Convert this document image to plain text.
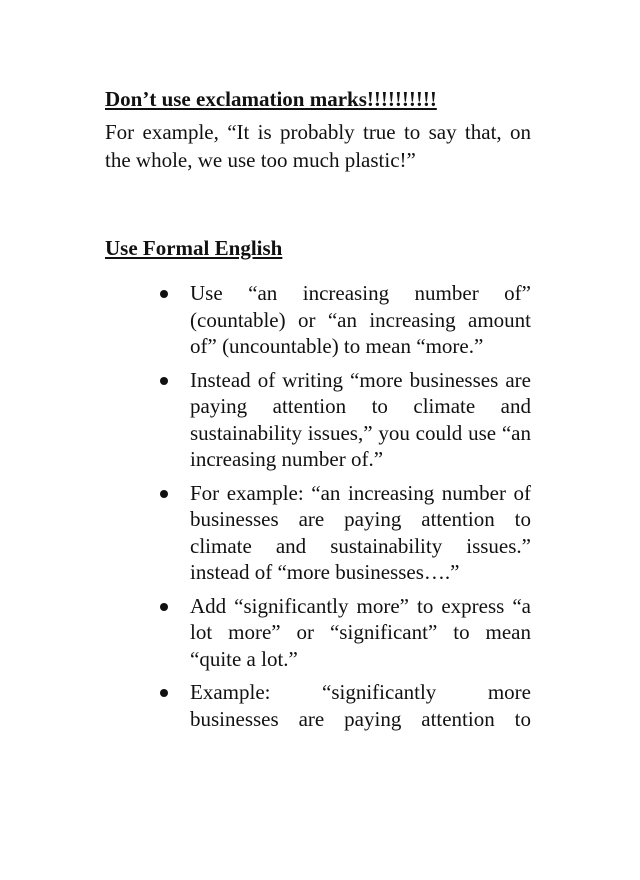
Don’t use exclamation marks!!!!!!!!!!

For example, “It is probably true to say that, on the whole, we use too much plastic!”

Use Formal English
Use “an increasing number of” (countable) or “an increasing amount of” (uncountable) to mean “more.”
Instead of writing “more businesses are paying attention to climate and sustainability issues,” you could use “an increasing number of.”
For example: “an increasing number of businesses are paying attention to climate and sustainability issues.” instead of “more businesses….”
Add “significantly more” to express “a lot more” or “significant” to mean “quite a lot.”
Example: “significantly more businesses are paying attention to
